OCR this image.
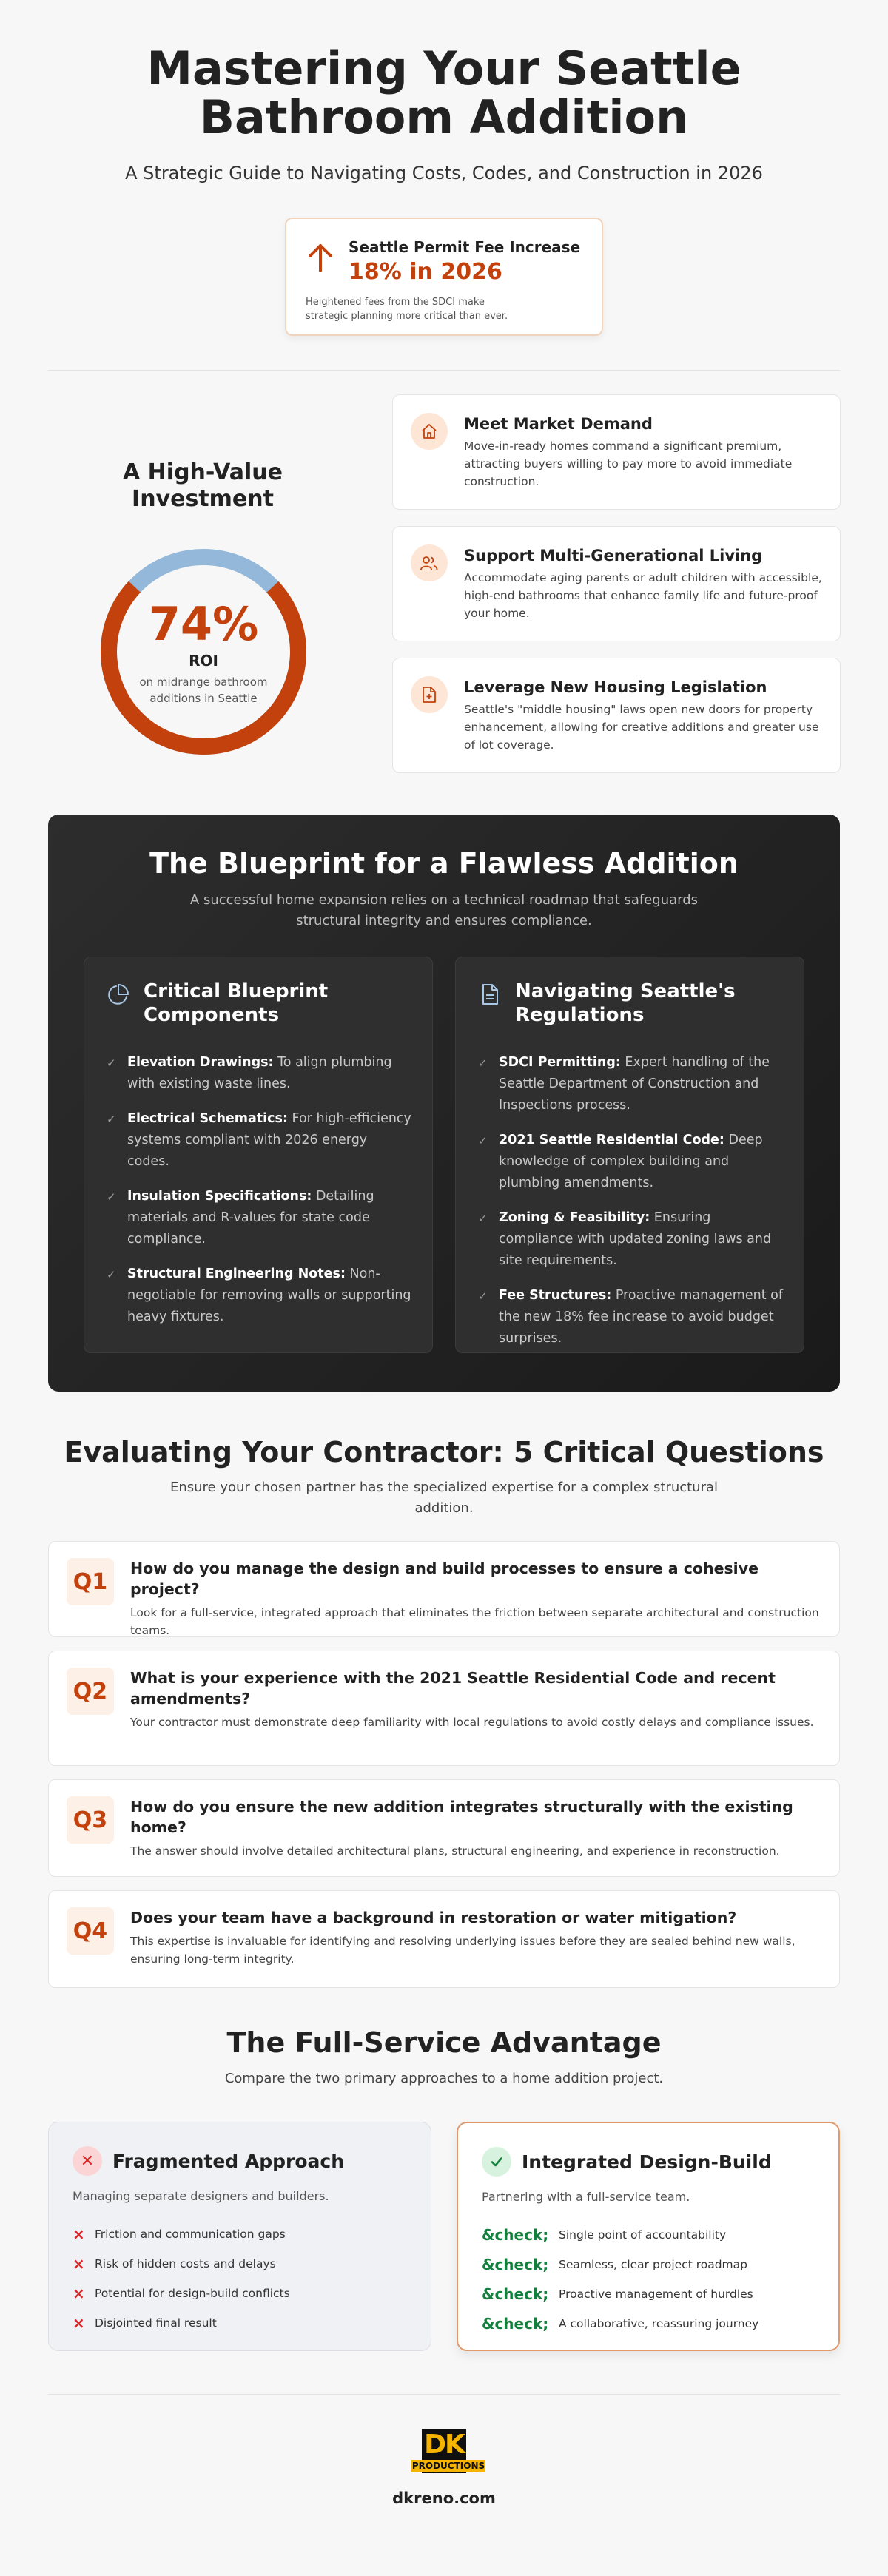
Mastering Your Seattle Bathroom Addition

A Strategic Guide to Navigating Costs, Codes, and Construction in 2026

Seattle Permit Fee Increase
18% in 2026
Heightened fees from the SDCI make strategic planning more critical than ever.
A High-Value Investment
74%
ROI
on midrange bathroom additions in Seattle
Meet Market Demand
Move-in-ready homes command a significant premium, attracting buyers willing to pay more to avoid immediate construction.
Support Multi-Generational Living
Accommodate aging parents or adult children with accessible, high-end bathrooms that enhance family life and future-proof your home.
Leverage New Housing Legislation
Seattle's "middle housing" laws open new doors for property enhancement, allowing for creative additions and greater use of lot coverage.
The Blueprint for a Flawless Addition
A successful home expansion relies on a technical roadmap that safeguards structural integrity and ensures compliance.
Critical Blueprint Components
✓ Elevation Drawings: To align plumbing with existing waste lines.
✓ Electrical Schematics: For high-efficiency systems compliant with 2026 energy codes.
✓ Insulation Specifications: Detailing materials and R-values for state code compliance.
✓ Structural Engineering Notes: Non-negotiable for removing walls or supporting heavy fixtures.
Navigating Seattle's Regulations
✓ SDCI Permitting: Expert handling of the Seattle Department of Construction and Inspections process.
✓ 2021 Seattle Residential Code: Deep knowledge of complex building and plumbing amendments.
✓ Zoning & Feasibility: Ensuring compliance with updated zoning laws and site requirements.
✓ Fee Structures: Proactive management of the new 18% fee increase to avoid budget surprises.
Evaluating Your Contractor: 5 Critical Questions
Ensure your chosen partner has the specialized expertise for a complex structural addition.
Q1
How do you manage the design and build processes to ensure a cohesive project?
Look for a full-service, integrated approach that eliminates the friction between separate architectural and construction teams.
Q2
What is your experience with the 2021 Seattle Residential Code and recent amendments?
Your contractor must demonstrate deep familiarity with local regulations to avoid costly delays and compliance issues.
Q3
How do you ensure the new addition integrates structurally with the existing home?
The answer should involve detailed architectural plans, structural engineering, and experience in reconstruction.
Q4
Does your team have a background in restoration or water mitigation?
This expertise is invaluable for identifying and resolving underlying issues before they are sealed behind new walls, ensuring long-term integrity.
The Full-Service Advantage
Compare the two primary approaches to a home addition project.
✕ Fragmented Approach
Managing separate designers and builders.
× Friction and communication gaps
× Risk of hidden costs and delays
× Potential for design-build conflicts
× Disjointed final result
Integrated Design-Build
Partnering with a full-service team.
&check; Single point of accountability
&check; Seamless, clear project roadmap
&check; Proactive management of hurdles
&check; A collaborative, reassuring journey
DK
PRODUCTIONS
dkreno.com
